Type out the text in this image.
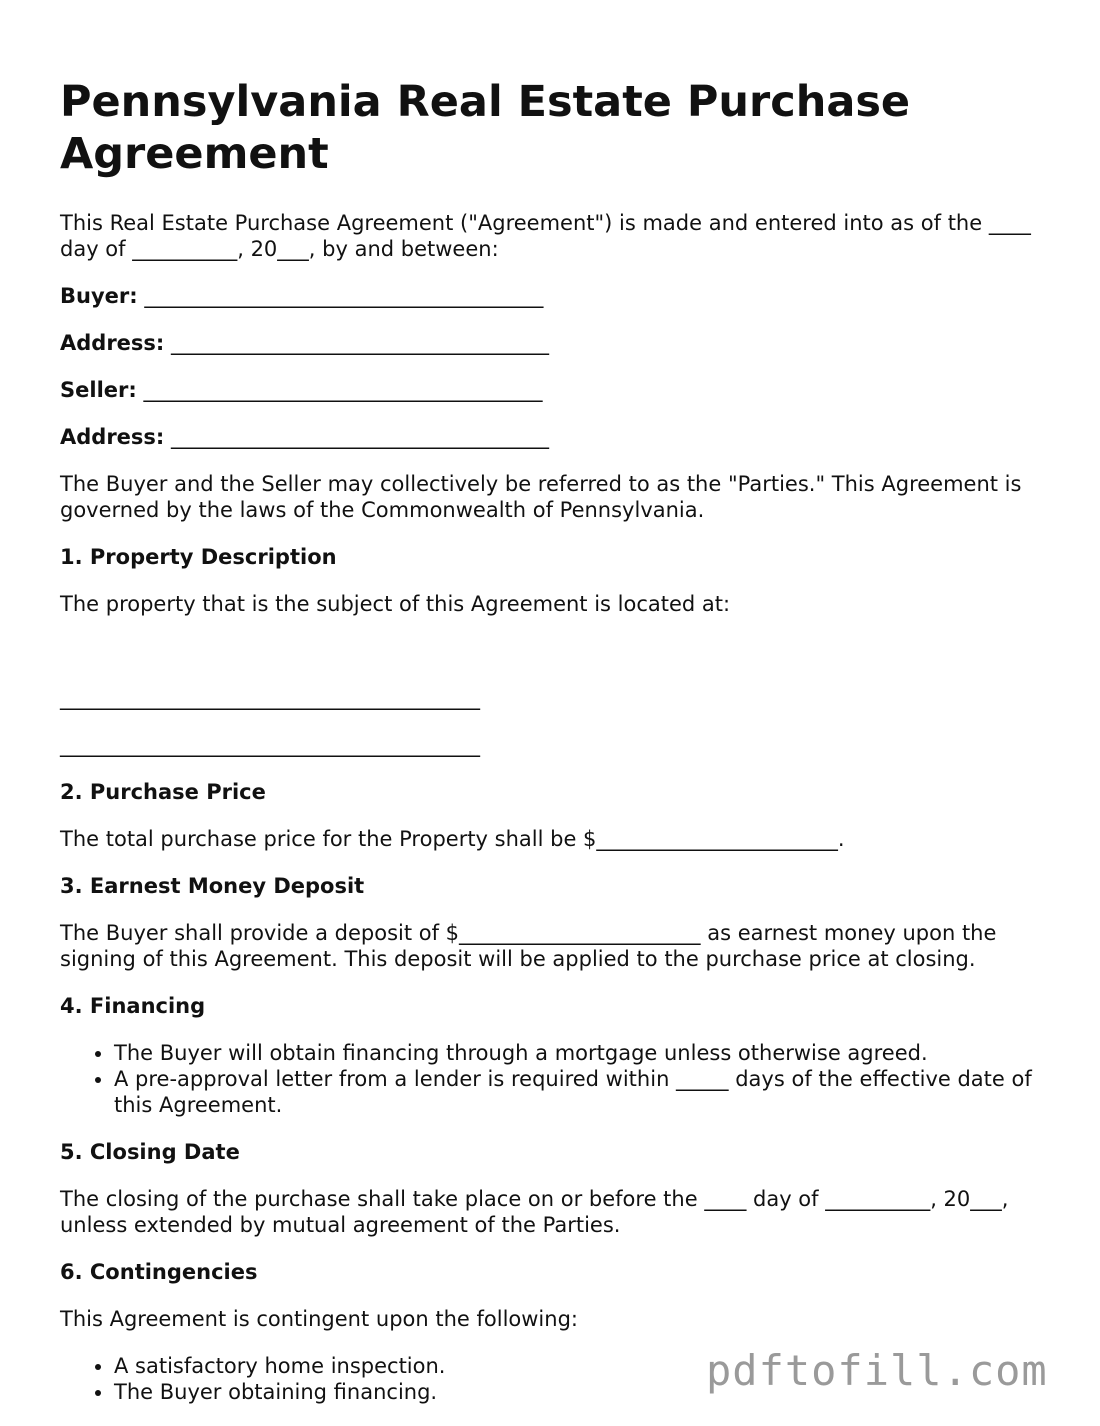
Pennsylvania Real Estate Purchase Agreement

This Real Estate Purchase Agreement ("Agreement") is made and entered into as of the ____ day of __________, 20___, by and between:

Buyer: ______________________________________
Address: ____________________________________
Seller: ______________________________________
Address: ____________________________________

The Buyer and the Seller may collectively be referred to as the "Parties." This Agreement is governed by the laws of the Commonwealth of Pennsylvania.

1. Property Description

The property that is the subject of this Agreement is located at:

________________________________________
________________________________________
2. Purchase Price

The total purchase price for the Property shall be $_______________________.

3. Earnest Money Deposit

The Buyer shall provide a deposit of $_______________________ as earnest money upon the signing of this Agreement. This deposit will be applied to the purchase price at closing.

4. Financing
• The Buyer will obtain financing through a mortgage unless otherwise agreed.
• A pre-approval letter from a lender is required within _____ days of the effective date of this Agreement.
5. Closing Date

The closing of the purchase shall take place on or before the ____ day of __________, 20___, unless extended by mutual agreement of the Parties.

6. Contingencies

This Agreement is contingent upon the following:

• A satisfactory home inspection.
• The Buyer obtaining financing.	pdftofill.com
